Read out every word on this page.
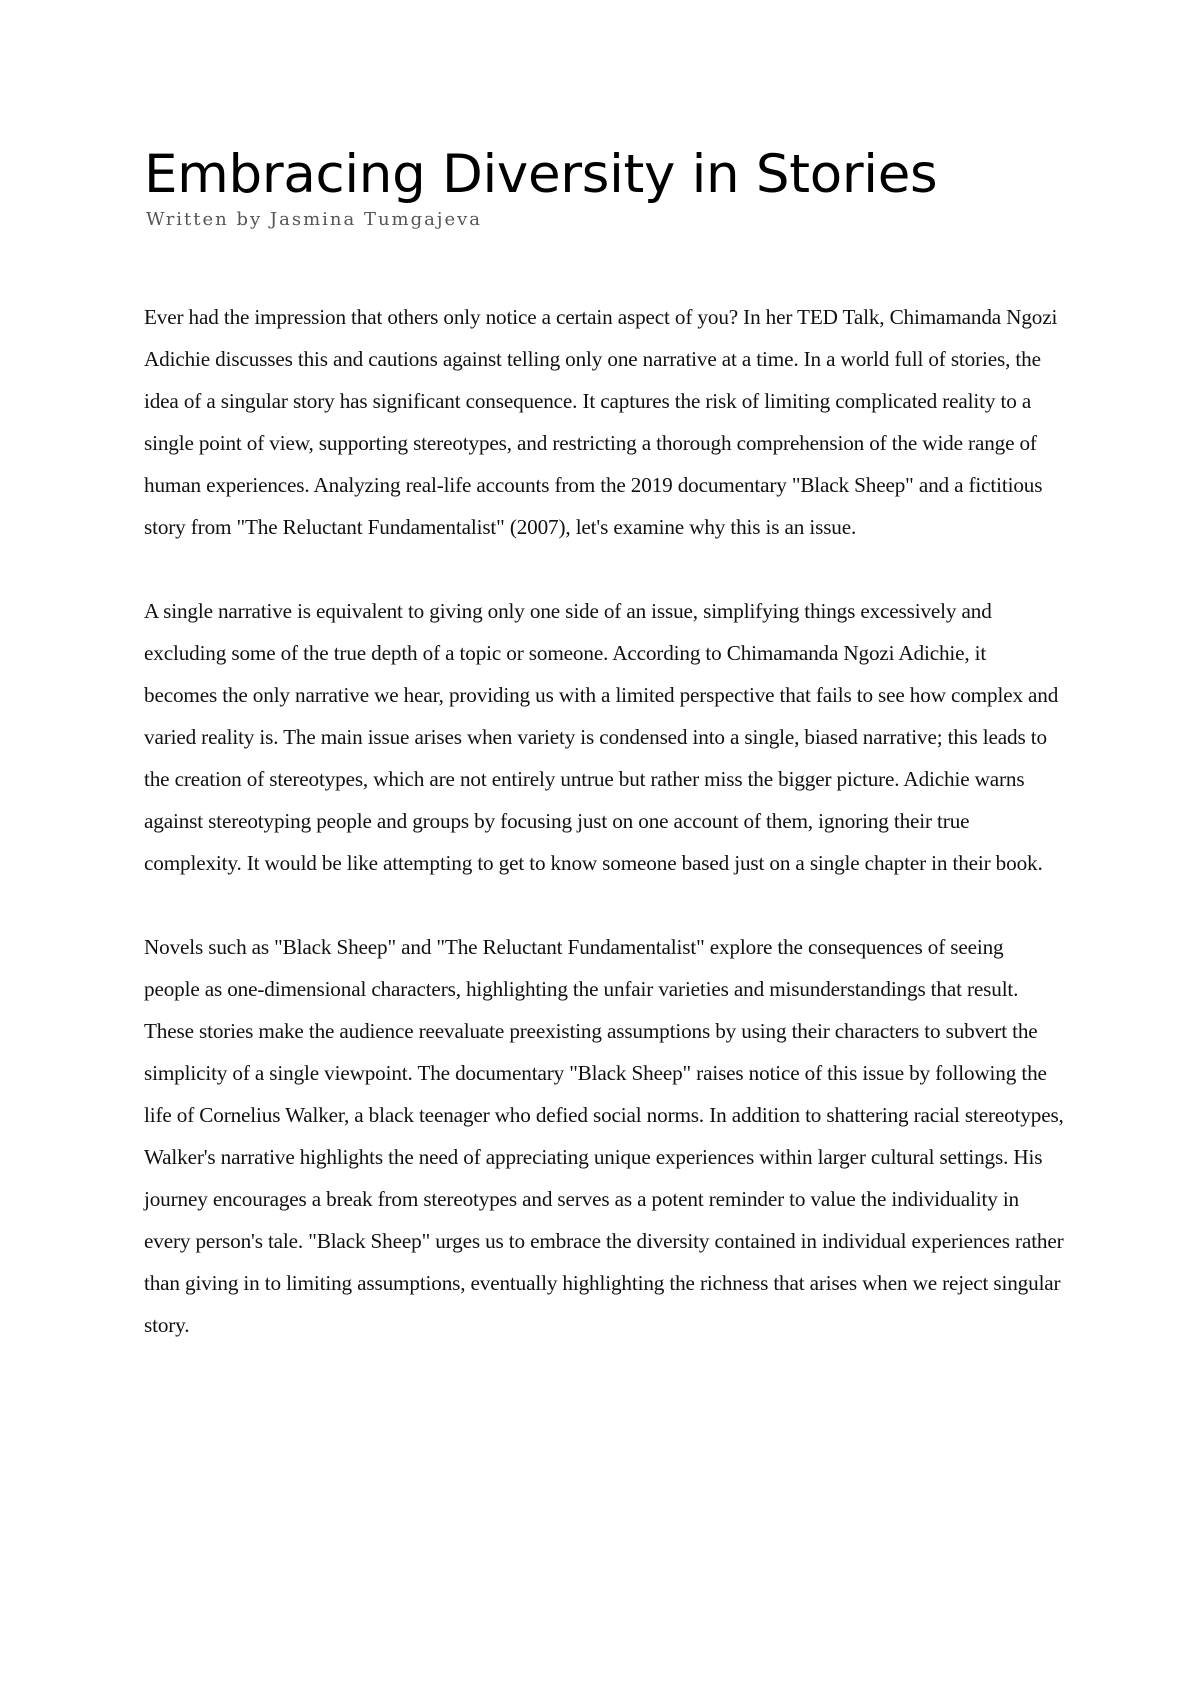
Embracing Diversity in Stories
Written by Jasmina Tumgajeva

Ever had the impression that others only notice a certain aspect of you? In her TED Talk, Chimamanda Ngozi Adichie discusses this and cautions against telling only one narrative at a time. In a world full of stories, the idea of a singular story has significant consequence. It captures the risk of limiting complicated reality to a single point of view, supporting stereotypes, and restricting a thorough comprehension of the wide range of human experiences. Analyzing real-life accounts from the 2019 documentary "Black Sheep" and a fictitious story from "The Reluctant Fundamentalist" (2007), let's examine why this is an issue.

A single narrative is equivalent to giving only one side of an issue, simplifying things excessively and excluding some of the true depth of a topic or someone. According to Chimamanda Ngozi Adichie, it becomes the only narrative we hear, providing us with a limited perspective that fails to see how complex and varied reality is. The main issue arises when variety is condensed into a single, biased narrative; this leads to the creation of stereotypes, which are not entirely untrue but rather miss the bigger picture. Adichie warns against stereotyping people and groups by focusing just on one account of them, ignoring their true complexity. It would be like attempting to get to know someone based just on a single chapter in their book.

Novels such as "Black Sheep" and "The Reluctant Fundamentalist" explore the consequences of seeing people as one-dimensional characters, highlighting the unfair varieties and misunderstandings that result. These stories make the audience reevaluate preexisting assumptions by using their characters to subvert the simplicity of a single viewpoint. The documentary "Black Sheep" raises notice of this issue by following the life of Cornelius Walker, a black teenager who defied social norms. In addition to shattering racial stereotypes, Walker's narrative highlights the need of appreciating unique experiences within larger cultural settings. His journey encourages a break from stereotypes and serves as a potent reminder to value the individuality in every person's tale. "Black Sheep" urges us to embrace the diversity contained in individual experiences rather than giving in to limiting assumptions, eventually highlighting the richness that arises when we reject singular story.
